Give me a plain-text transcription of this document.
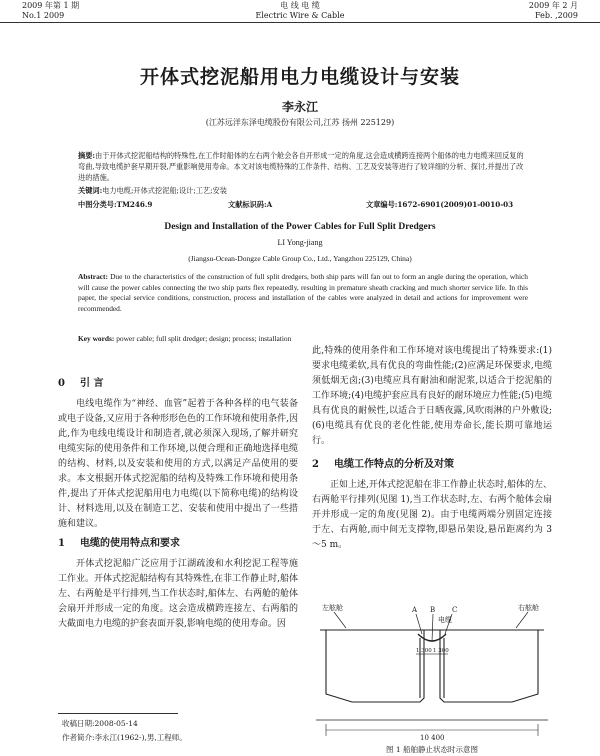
2009 年第 1 期
No.1 2009
电 线 电 缆
Electric Wire & Cable
2009 年 2 月
Feb. ,2009
开体式挖泥船用电力电缆设计与安装
李永江
(江苏远洋东泽电缆股份有限公司,江苏 扬州 225129)
摘要:由于开体式挖泥船结构的特殊性,在工作时船体的左右两个舱会各自开形成一定的角度,这会造成横跨连接两个船体的电力电缆来回反复的弯曲,导致电缆护套早期开裂,严重影响使用寿命。本文对该电缆特殊的工作条件、结构、工艺及安装等进行了较详细的分析、探讨,并提出了改进的措施。
关键词:电力电缆;开体式挖泥船;设计;工艺;安装
中图分类号:TM246.9	文献标识码:A	文章编号:1672-6901(2009)01-0010-03
Design and Installation of the Power Cables for Full Split Dredgers
LI Yong-jiang
(Jiangsu-Ocean-Dongze Cable Group Co., Ltd., Yangzhou 225129, China)
Abstract: Due to the characteristics of the construction of full split dredgers, both ship parts will fan out to form an angle during the operation, which will cause the power cables connecting the two ship parts flex repeatedly, resulting in premature sheath cracking and much shorter service life. In this paper, the special service conditions, construction, process and installation of the cables were analyzed in detail and actions for improvement were recommended.
Key words: power cable; full split dredger; design; process; installation
0 引 言

电线电缆作为“神经、血管”起着于各种各样的电气装备或电子设备,又应用于各种形形色色的工作环境和使用条件,因此,作为电线电缆设计和制造者,就必须深入现场,了解并研究电缆实际的使用条件和工作环境,以便合理和正确地选择电缆的结构、材料,以及安装和使用的方式,以满足产品使用的要求。本文根据开体式挖泥船的结构及特殊工作环境和使用条件,提出了开体式挖泥船用电力电缆(以下简称电缆)的结构设计、材料选用,以及在制造工艺、安装和使用中提出了一些措施和建议。

1 电缆的使用特点和要求

开体式挖泥船广泛应用于江湖疏浚和水利挖泥工程等施工作业。开体式挖泥船结构有其特殊性,在非工作静止时,船体左、右两舱是平行排列,当工作状态时,船体左、右两舱的舱体会扇开并形成一定的角度。这会造成横跨连接左、右两船的大截面电力电缆的护套表面开裂,影响电缆的使用寿命。因

此,特殊的使用条件和工作环境对该电缆提出了特殊要求:(1)要求电缆柔软,具有优良的弯曲性能;(2)应满足环保要求,电缆须低烟无卤;(3)电缆应具有耐油和耐泥浆,以适合于挖泥船的工作环境;(4)电缆护套应具有良好的耐环境应力性能;(5)电缆具有优良的耐候性,以适合于日晒夜露,风吹雨淋的户外敷设;(6)电缆具有优良的老化性能,使用寿命长,能长期可靠地运行。

2 电缆工作特点的分析及对策

正如上述,开体式挖泥船在非工作静止状态时,船体的左、右两舱平行排列(见图 1),当工作状态时,左、右两个舱体会扇开并形成一定的角度(见图 2)。由于电缆两端分别固定连接于左、右两舱,而中间无支撑物,即悬吊架设,悬吊距离约为 3～5 m。

收稿日期:2008-05-14
作者简介:李永江(1962-),男,工程师。
左舷舱	右舷舱
A B
电缆
C
1 300 1 300
10 400
图 1 船舶静止状态时示意图
